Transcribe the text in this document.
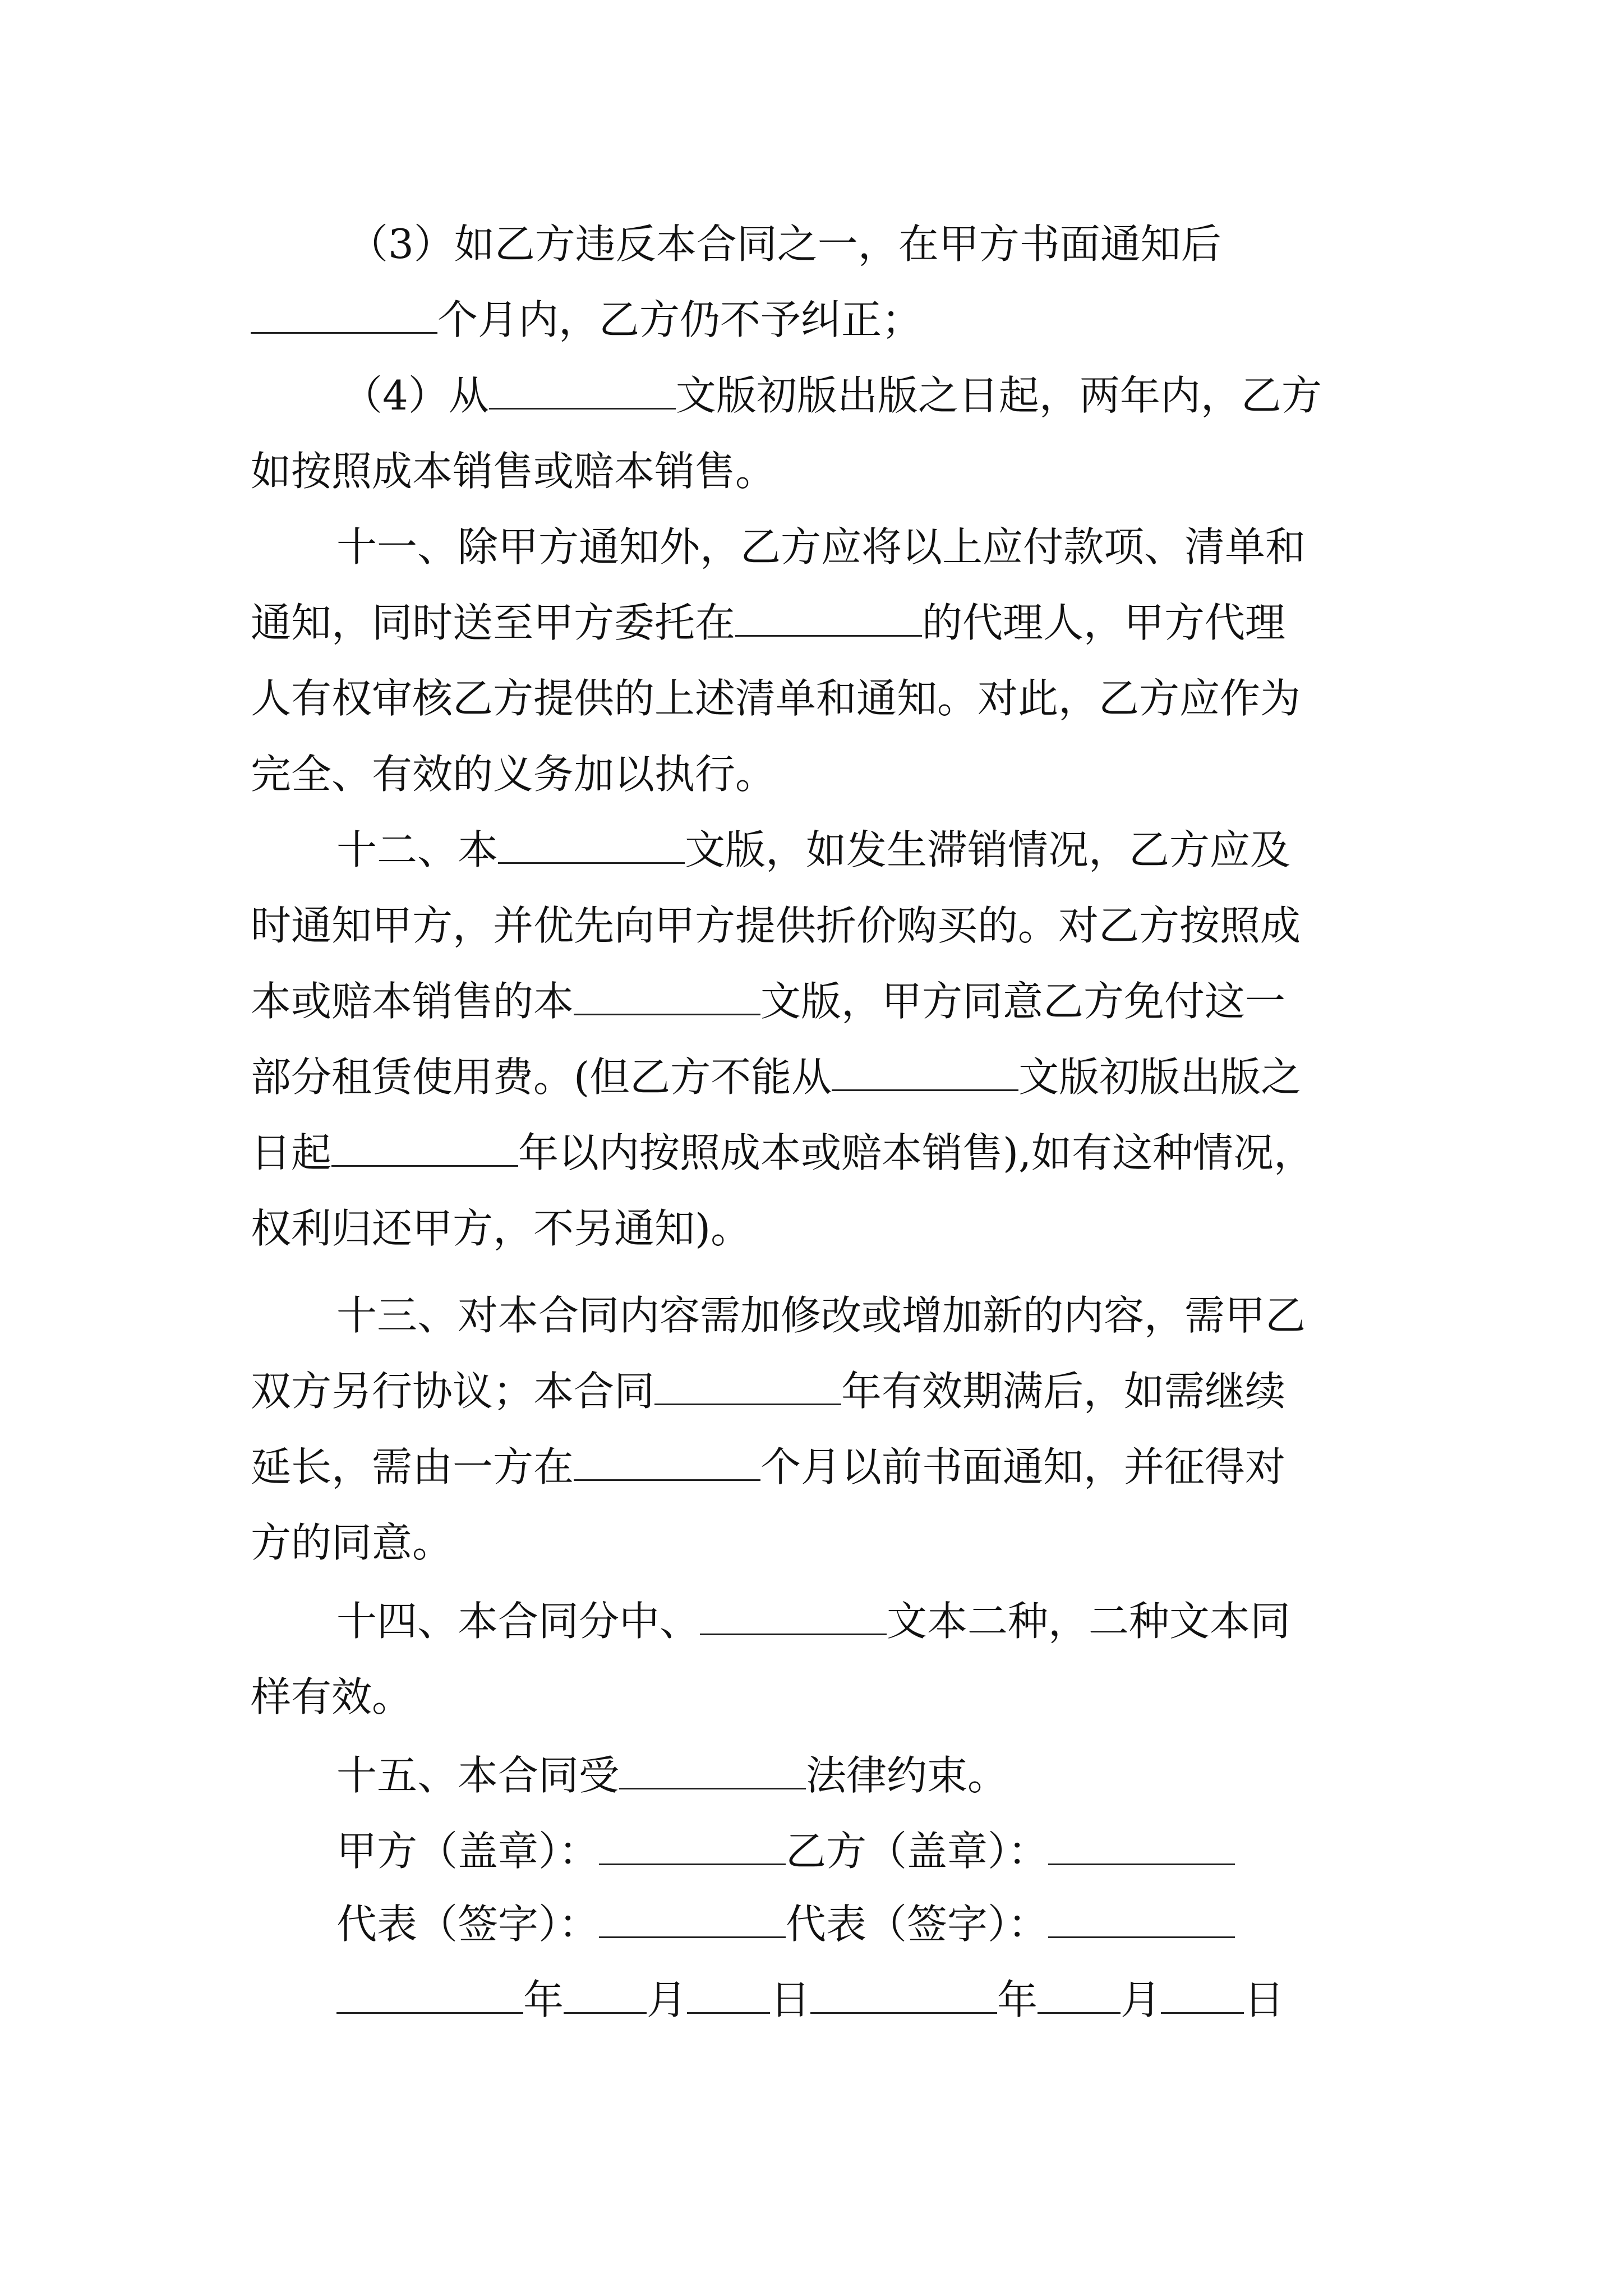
（3）如乙方违反本合同之一，在甲方书面通知后
个月内，乙方仍不予纠正；
（4）从	文版初版出版之日起，两年内，乙方
如按照成本销售或赔本销售。
十一、除甲方通知外，乙方应将以上应付款项、清单和
通知，同时送至甲方委托在	的代理人，甲方代理
人有权审核乙方提供的上述清单和通知。对此，乙方应作为
完全、有效的义务加以执行。
十二、本	文版，如发生滞销情况，乙方应及
时通知甲方，并优先向甲方提供折价购买的。对乙方按照成
本或赔本销售的本	文版，甲方同意乙方免付这一
部分租赁使用费。(但乙方不能从	文版初版出版之
日起	年以内按照成本或赔本销售),如有这种情况，
权利归还甲方，不另通知)。
十三、对本合同内容需加修改或增加新的内容，需甲乙
双方另行协议；本合同	年有效期满后，如需继续
延长，需由一方在	个月以前书面通知，并征得对
方的同意。
十四、本合同分中、	文本二种，二种文本同
样有效。
十五、本合同受	法律约束。
甲方（盖章）：	乙方（盖章）：
代表（签字）：	代表（签字）：
年 月 日	年 月 日
